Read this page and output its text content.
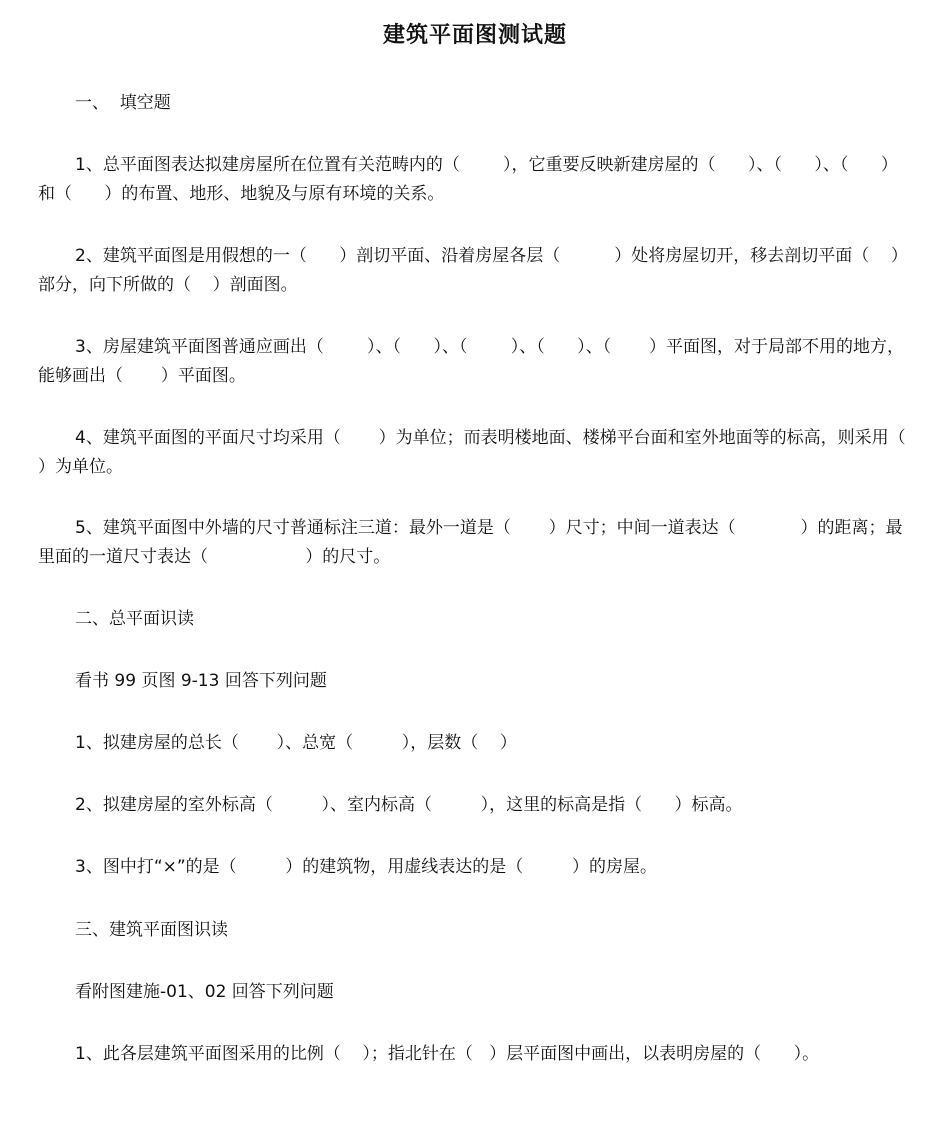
建筑平面图测试题

一、  填空题

1、总平面图表达拟建房屋所在位置有关范畴内的（        ），它重要反映新建房屋的（      ）、（      ）、（      ）和（      ）的布置、地形、地貌及与原有环境的关系。

2、建筑平面图是用假想的一（      ）剖切平面、沿着房屋各层（          ）处将房屋切开，移去剖切平面（    ）部分，向下所做的（    ）剖面图。

3、房屋建筑平面图普通应画出（        ）、（      ）、（        ）、（      ）、（       ）平面图，对于局部不用的地方，能够画出（       ）平面图。

4、建筑平面图的平面尺寸均采用（       ）为单位；而表明楼地面、楼梯平台面和室外地面等的标高，则采用（    ）为单位。

5、建筑平面图中外墙的尺寸普通标注三道：最外一道是（       ）尺寸；中间一道表达（            ）的距离；最里面的一道尺寸表达（                  ）的尺寸。

二、总平面识读

看书 99 页图 9-13 回答下列问题

1、拟建房屋的总长（       ）、总宽（         ），层数（    ）

2、拟建房屋的室外标高（         ）、室内标高（         ），这里的标高是指（      ）标高。

3、图中打“×”的是（         ）的建筑物，用虚线表达的是（         ）的房屋。

三、建筑平面图识读

看附图建施-01、02 回答下列问题

1、此各层建筑平面图采用的比例（    ）；指北针在（   ）层平面图中画出，以表明房屋的（      ）。
